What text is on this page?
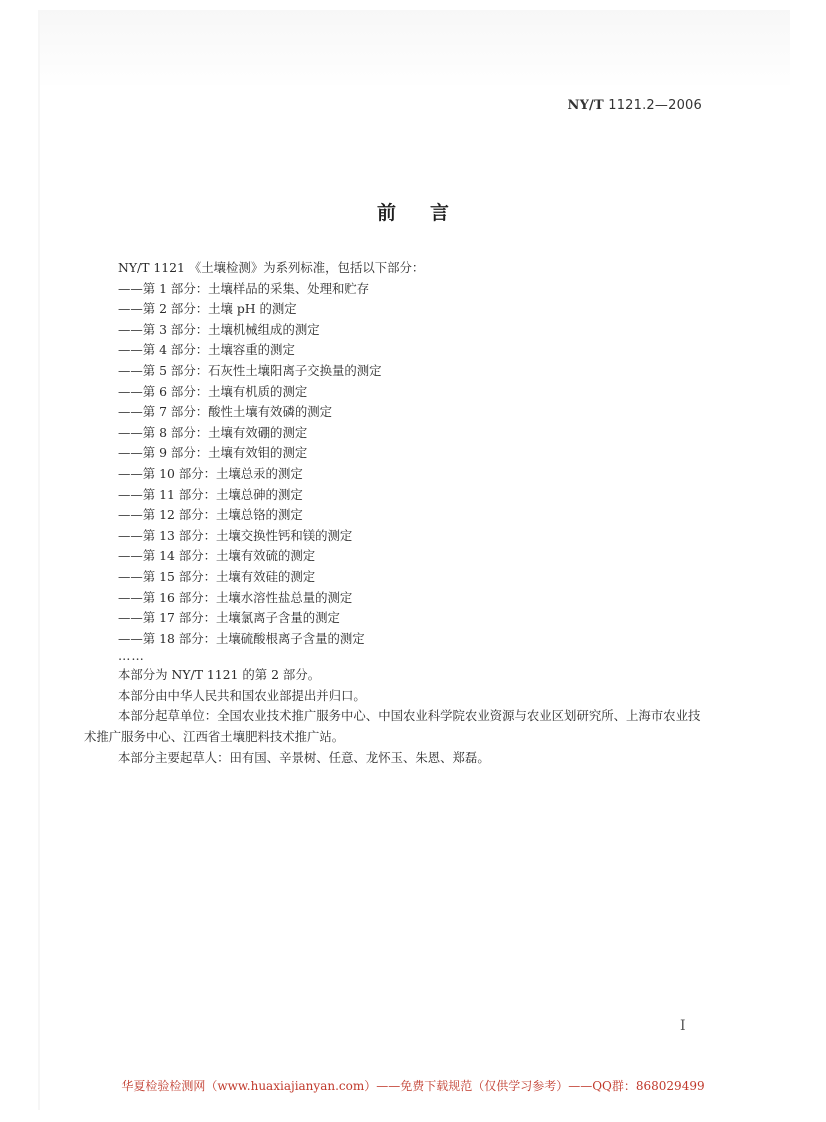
NY/T 1121.2—2006
前言
NY/T 1121 《土壤检测》为系列标准，包括以下部分：
——第 1 部分：土壤样品的采集、处理和贮存
——第 2 部分：土壤 pH 的测定
——第 3 部分：土壤机械组成的测定
——第 4 部分：土壤容重的测定
——第 5 部分：石灰性土壤阳离子交换量的测定
——第 6 部分：土壤有机质的测定
——第 7 部分：酸性土壤有效磷的测定
——第 8 部分：土壤有效硼的测定
——第 9 部分：土壤有效钼的测定
——第 10 部分：土壤总汞的测定
——第 11 部分：土壤总砷的测定
——第 12 部分：土壤总铬的测定
——第 13 部分：土壤交换性钙和镁的测定
——第 14 部分：土壤有效硫的测定
——第 15 部分：土壤有效硅的测定
——第 16 部分：土壤水溶性盐总量的测定
——第 17 部分：土壤氯离子含量的测定
——第 18 部分：土壤硫酸根离子含量的测定
……
本部分为 NY/T 1121 的第 2 部分。
本部分由中华人民共和国农业部提出并归口。
本部分起草单位：全国农业技术推广服务中心、中国农业科学院农业资源与农业区划研究所、上海市农业技术推广服务中心、江西省土壤肥料技术推广站。
本部分主要起草人：田有国、辛景树、任意、龙怀玉、朱恩、郑磊。
I
华夏检验检测网（www.huaxiajianyan.com）——免费下载规范（仅供学习参考）——QQ群：868029499
